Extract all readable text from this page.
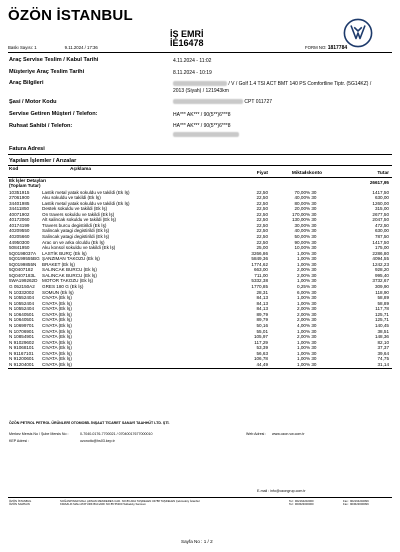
ÖZÖN İSTANBUL
Baskı Sayısı: 1	9.11.2024 / 17:36
İŞ EMRİ
İE16478	FORM NO: 1817784
Araç Servise Teslim / Kabul Tarihi	4.11.2024 - 11:02
Müşteriye Araç Teslim Tarihi	8.11.2024 - 10:19
Araç Bilgileri	/ V / Golf 1.4 TSI ACT BMT 140 PS Comfortline Tiptr. (5G14KZ) /
2013 (Siyah) / 121943km
Şasi / Motor Kodu	CPT 011727
Servise Getiren Müşteri / Telefon:	HA*** AK*** / 90(5**)6***8
Ruhsat Sahibi / Telefon:	HA*** AK*** / 90(5**)6***8
Fatura Adresi
Yapılan İşlemler / Arızalar
Kod	Açıklama
Fiyat	Miktar İskonto	Tutar
Ek İşler Detayları
(Toplam Tutar)
26617,95
10351915	Lastik metal yatak sokuldu ve takildi (Ek İş)	22,50	70,00 % 30	1417,50
27061900	Aku sokuldu ve takildi (Ek İş)	22,50	40,00 % 30	630,00
34401985	Lastik metal yatak sokuldu ve takildi (Ek İş)	22,50	80,00 % 30	1260,00
34411850	Destek sokuldu ve takildi (Ek İş)	22,50	20,00 % 30	315,00
40071902	On travers sokuldu ve takildi (Ek İş)	22,50	170,00 % 30	2677,50
40172060	Alt salincak sokuldu ve takildi (Ek İş)	22,50	130,00 % 30	2047,50
40174199	Travers burcu degistirildi (Ek İş)	22,50	30,00 % 30	472,50
40209550	Salincak yatagi degistirildi (Ek İş)	22,50	40,00 % 30	630,00
40205660	Salincak yatagi degistirildi (Ek İş)	22,50	50,00 % 30	787,50
44950300	Arac on ve arka olculdu (Ek İş)	22,50	90,00 % 30	1417,50
50841950	Aku konsol sokuldu ve takildi (Ek İş)	25,00	10,00 % 30	175,00
5Q0198037A LASTİK BURÇ (Ek İş)	3266,86	1,00 % 30	2286,80
5Q0199555BG ŞANZIMAN TAKOZU (Ek İş)	5849,36	1,00 % 30	4094,55
5Q0199855N BRAKET (Ek İş)	1774,62	1,00 % 30	1242,23
5Q0407182 SALINCAK BURCU (Ek İş)	663,00	2,00 % 30	928,20
5Q0407183L SALINCAK BURCU (Ek İş)	711,00	2,00 % 30	995,40
5WA199262D MOTOR TAKOZU (Ek İş)	5332,38	1,00 % 30	3732,67
G 052150A2 GRES 180 G (Ek İş)	1770,85	0,25 % 30	309,90
N 10332002 SOMUN (Ek İş)	28,31	6,00 % 30	118,90
N 10552404 CIVATA (Ek İş)	84,13	1,00 % 30	58,89
N 10552404 CIVATA (Ek İş)	84,13	1,00 % 30	58,89
N 10552404 CIVATA (Ek İş)	84,13	2,00 % 30	117,78
N 10640501 CIVATA (Ek İş)	89,79	2,00 % 30	125,71
N 10640501 CIVATA (Ek İş)	89,79	2,00 % 30	125,71
N 10699701 CIVATA (Ek İş)	50,16	4,00 % 30	140,45
N 10706901 CIVATA (Ek İş)	55,01	1,00 % 30	38,51
N 10854901 CIVATA (Ek İş)	105,97	2,00 % 30	148,36
N 91029602 CIVATA (Ek İş)	117,29	1,00 % 30	82,10
N 91068101 CIVATA (Ek İş)	53,39	1,00 % 30	37,37
N 91167101 CIVATA (Ek İş)	56,63	1,00 % 30	39,64
N 91200601 CIVATA (Ek İş)	106,78	1,00 % 30	74,75
N 91204001 CIVATA (Ek İş)	44,49	1,00 % 30	31,14
ÖZÖN PETROL PETROL ÜRÜNLERİ OTOMOBİL İNŞAAT TİCARET SANAYİ TAAHHÜT LTD. ŞTİ.
Merkez Mersis No / Şube Mersis No :	0-7040-0176-7700021 / 07040017677000010	Web Adresi : www.ozon.vw.com.tr
KEP Adresi :	ozonotic@hs03.kep.tr
E-mail : info@ozongrup.com.tr
ÖZÖN İSTANBUL
ÖZÖN SAMSUN
SOĞANPINAR MAH. ADNAN MENDERES CAD. NO:86 ADA TAŞDELEN 34788 TAŞDELEN Çekmeköy İstanbul
KIRAZLIK MAH.ATATÜRK BULVARI NO:85 55300 Tekkeköy Samsun
Tel : 902164202000
Tel : 903623000000
Fax : 902164202099
Fax : 903623000099
Sayfa No : 1 / 2
